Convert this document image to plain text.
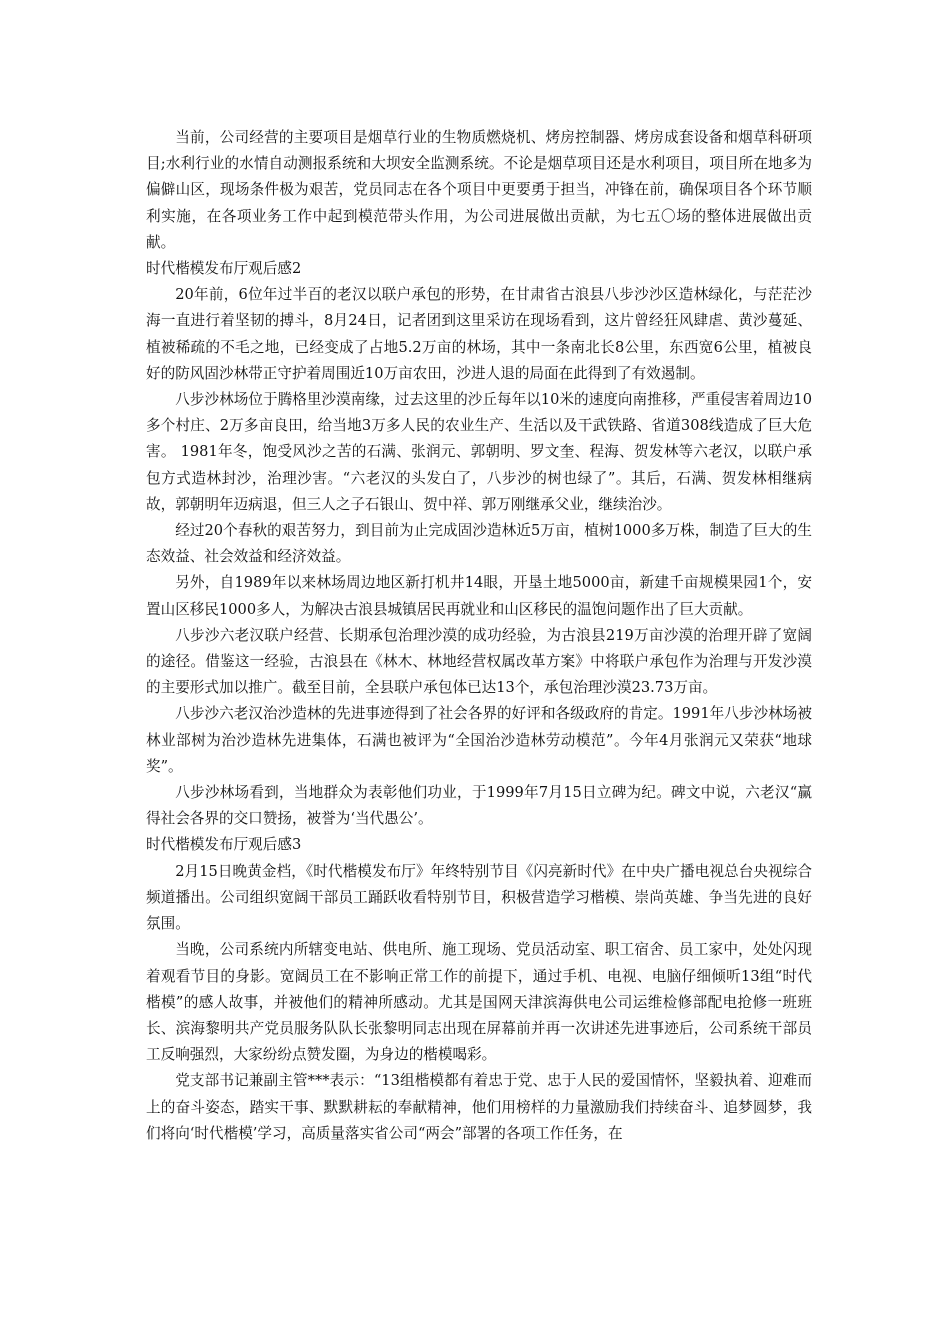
当前，公司经营的主要项目是烟草行业的生物质燃烧机、烤房控制器、烤房成套设备和烟草科研项目;水利行业的水情自动测报系统和大坝安全监测系统。不论是烟草项目还是水利项目，项目所在地多为偏僻山区，现场条件极为艰苦，党员同志在各个项目中更要勇于担当，冲锋在前，确保项目各个环节顺利实施，在各项业务工作中起到模范带头作用，为公司进展做出贡献，为七五〇场的整体进展做出贡献。

时代楷模发布厅观后感2

20年前，6位年过半百的老汉以联户承包的形势，在甘肃省古浪县八步沙沙区造林绿化，与茫茫沙海一直进行着坚韧的搏斗，8月24日，记者团到这里采访在现场看到，这片曾经狂风肆虐、黄沙蔓延、植被稀疏的不毛之地，已经变成了占地5.2万亩的林场，其中一条南北长8公里，东西宽6公里，植被良好的防风固沙林带正守护着周围近10万亩农田，沙进人退的局面在此得到了有效遏制。

八步沙林场位于腾格里沙漠南缘，过去这里的沙丘每年以10米的速度向南推移，严重侵害着周边10多个村庄、2万多亩良田，给当地3万多人民的农业生产、生活以及干武铁路、省道308线造成了巨大危害。 1981年冬，饱受风沙之苦的石满、张润元、郭朝明、罗文奎、程海、贺发林等六老汉，以联户承包方式造林封沙，治理沙害。“六老汉的头发白了，八步沙的树也绿了”。其后，石满、贺发林相继病故，郭朝明年迈病退，但三人之子石银山、贺中祥、郭万刚继承父业，继续治沙。

经过20个春秋的艰苦努力，到目前为止完成固沙造林近5万亩，植树1000多万株，制造了巨大的生态效益、社会效益和经济效益。

另外，自1989年以来林场周边地区新打机井14眼，开垦土地5000亩，新建千亩规模果园1个，安置山区移民1000多人，为解决古浪县城镇居民再就业和山区移民的温饱问题作出了巨大贡献。

八步沙六老汉联户经营、长期承包治理沙漠的成功经验，为古浪县219万亩沙漠的治理开辟了宽阔的途径。借鉴这一经验，古浪县在《林木、林地经营权属改革方案》中将联户承包作为治理与开发沙漠的主要形式加以推广。截至目前，全县联户承包体已达13个，承包治理沙漠23.73万亩。

八步沙六老汉治沙造林的先进事迹得到了社会各界的好评和各级政府的肯定。1991年八步沙林场被林业部树为治沙造林先进集体，石满也被评为“全国治沙造林劳动模范”。今年4月张润元又荣获“地球奖”。

八步沙林场看到，当地群众为表彰他们功业，于1999年7月15日立碑为纪。碑文中说，六老汉“赢得社会各界的交口赞扬，被誉为‘当代愚公’。

时代楷模发布厅观后感3

2月15日晚黄金档，《时代楷模发布厅》年终特别节目《闪亮新时代》在中央广播电视总台央视综合频道播出。公司组织宽阔干部员工踊跃收看特别节目，积极营造学习楷模、崇尚英雄、争当先进的良好氛围。

当晚，公司系统内所辖变电站、供电所、施工现场、党员活动室、职工宿舍、员工家中，处处闪现着观看节目的身影。宽阔员工在不影响正常工作的前提下，通过手机、电视、电脑仔细倾听13组“时代楷模”的感人故事，并被他们的精神所感动。尤其是国网天津滨海供电公司运维检修部配电抢修一班班长、滨海黎明共产党员服务队队长张黎明同志出现在屏幕前并再一次讲述先进事迹后，公司系统干部员工反响强烈，大家纷纷点赞发圈，为身边的楷模喝彩。

党支部书记兼副主管***表示：“13组楷模都有着忠于党、忠于人民的爱国情怀，坚毅执着、迎难而上的奋斗姿态，踏实干事、默默耕耘的奉献精神，他们用榜样的力量激励我们持续奋斗、追梦圆梦，我们将向‘时代楷模’学习，高质量落实省公司“两会”部署的各项工作任务，在
